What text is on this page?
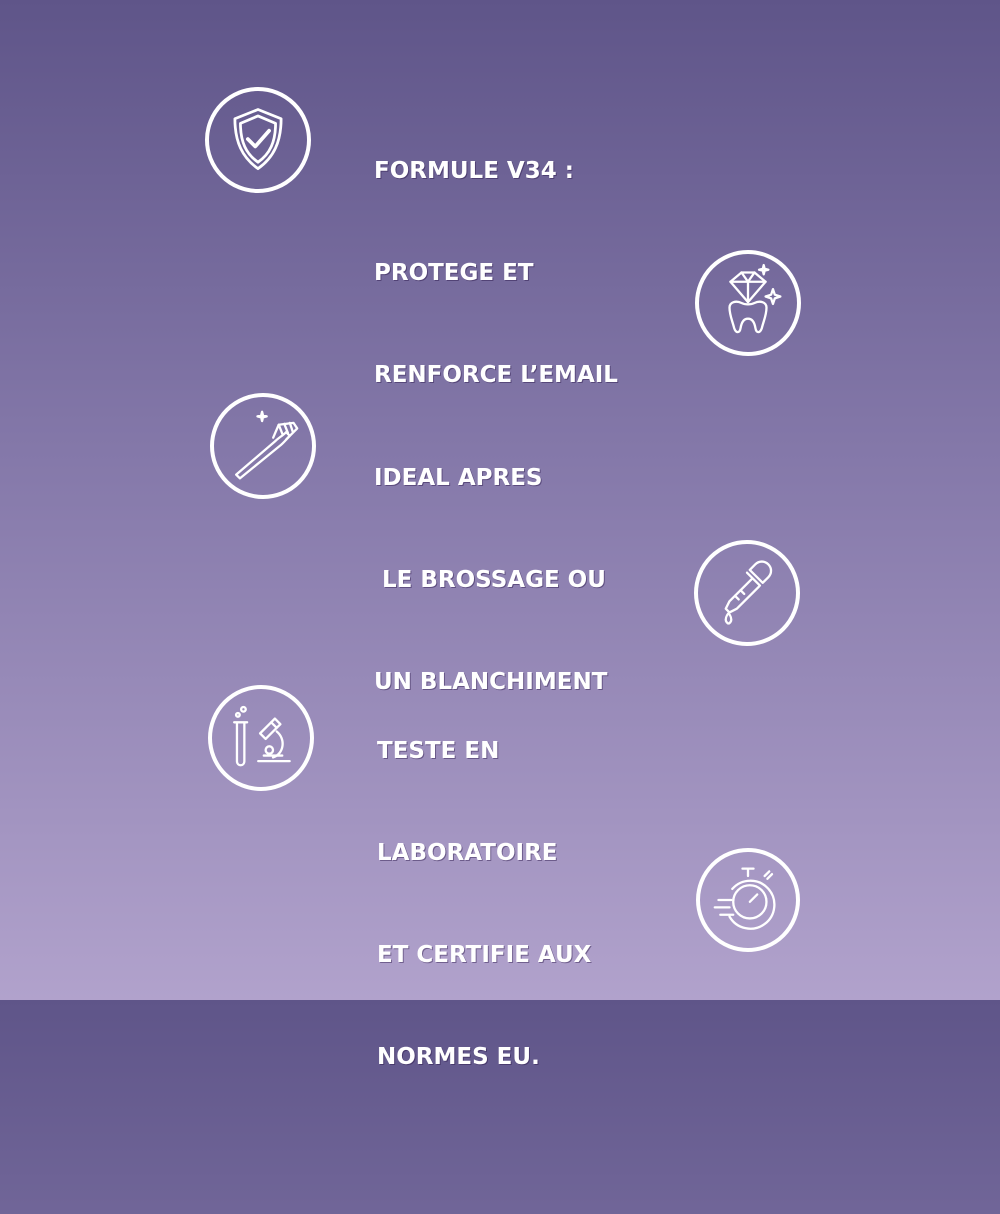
FORMULE V34 :

PROTEGE ET

RENFORCE L’EMAIL

IDEAL APRES

LE BROSSAGE OU

UN BLANCHIMENT

TESTE EN

LABORATOIRE

ET CERTIFIE AUX

NORMES EU.
